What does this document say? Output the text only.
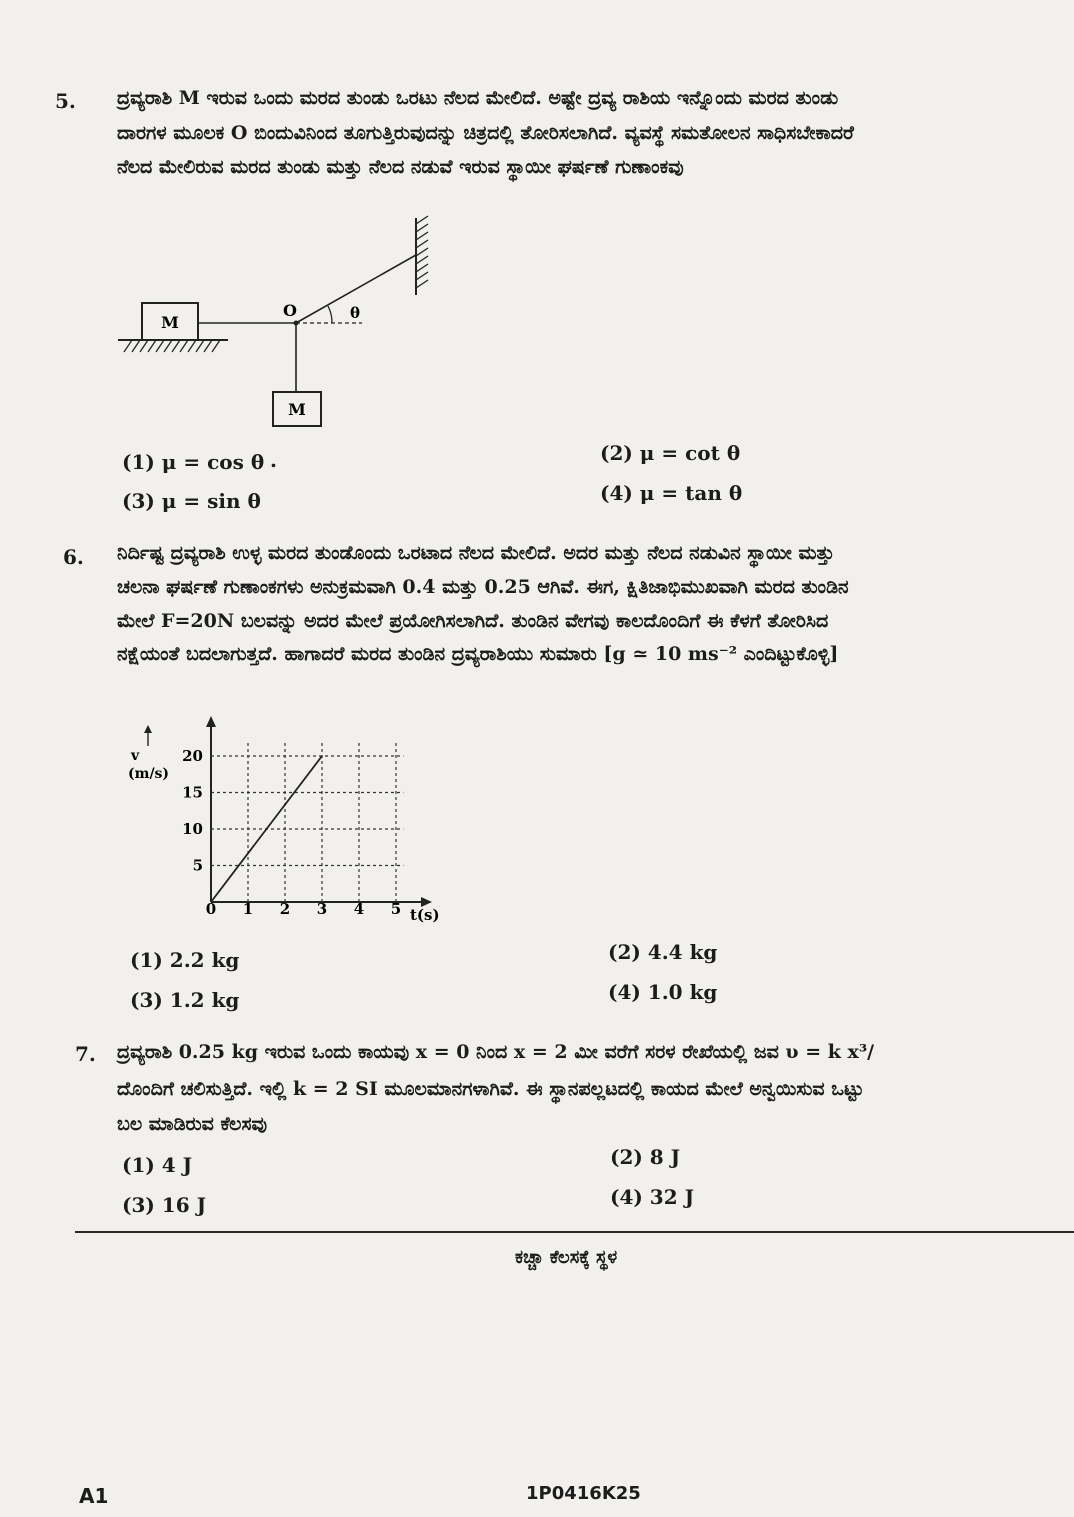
5. ದ್ರವ್ಯರಾಶಿ M ಇರುವ ಒಂದು ಮರದ ತುಂಡು ಒರಟು ನೆಲದ ಮೇಲಿದೆ. ಅಷ್ಟೇ ದ್ರವ್ಯ ರಾಶಿಯ ಇನ್ನೊಂದು ಮರದ ತುಂಡು
ದಾರಗಳ ಮೂಲಕ O ಬಿಂದುವಿನಿಂದ ತೂಗುತ್ತಿರುವುದನ್ನು ಚಿತ್ರದಲ್ಲಿ ತೋರಿಸಲಾಗಿದೆ. ವ್ಯವಸ್ಥೆ ಸಮತೋಲನ ಸಾಧಿಸಬೇಕಾದರೆ
ನೆಲದ ಮೇಲಿರುವ ಮರದ ತುಂಡು ಮತ್ತು ನೆಲದ ನಡುವೆ ಇರುವ ಸ್ಥಾಯೀ ಘರ್ಷಣೆ ಗುಣಾಂಕವು
M
O	θ
M
(1) μ = cos θ .	(2) μ = cot θ
(3) μ = sin θ	(4) μ = tan θ
6. ನಿರ್ದಿಷ್ಟ ದ್ರವ್ಯರಾಶಿ ಉಳ್ಳ ಮರದ ತುಂಡೊಂದು ಒರಟಾದ ನೆಲದ ಮೇಲಿದೆ. ಅದರ ಮತ್ತು ನೆಲದ ನಡುವಿನ ಸ್ಥಾಯೀ ಮತ್ತು
ಚಲನಾ ಘರ್ಷಣೆ ಗುಣಾಂಕಗಳು ಅನುಕ್ರಮವಾಗಿ 0.4 ಮತ್ತು 0.25 ಆಗಿವೆ. ಈಗ, ಕ್ಷಿತಿಜಾಭಿಮುಖವಾಗಿ ಮರದ ತುಂಡಿನ
ಮೇಲೆ F=20N ಬಲವನ್ನು ಅದರ ಮೇಲೆ ಪ್ರಯೋಗಿಸಲಾಗಿದೆ. ತುಂಡಿನ ವೇಗವು ಕಾಲದೊಂದಿಗೆ ಈ ಕೆಳಗೆ ತೋರಿಸಿದ
ನಕ್ಷೆಯಂತೆ ಬದಲಾಗುತ್ತದೆ. ಹಾಗಾದರೆ ಮರದ ತುಂಡಿನ ದ್ರವ್ಯರಾಶಿಯು ಸುಮಾರು [g ≃ 10 ms⁻² ಎಂದಿಟ್ಟುಕೊಳ್ಳಿ]
v
(m/s)
t(s)
0 1 2 3 4 5
5
10
15
20
(1) 2.2 kg	(2) 4.4 kg
(3) 1.2 kg	(4) 1.0 kg
7. ದ್ರವ್ಯರಾಶಿ 0.25 kg ಇರುವ ಒಂದು ಕಾಯವು x = 0 ನಿಂದ x = 2 ಮೀ ವರೆಗೆ ಸರಳ ರೇಖೆಯಲ್ಲಿ ಜವ υ = k x³/
ದೊಂದಿಗೆ ಚಲಿಸುತ್ತಿದೆ. ಇಲ್ಲಿ k = 2 SI ಮೂಲಮಾನಗಳಾಗಿವೆ. ಈ ಸ್ಥಾನಪಲ್ಲಟದಲ್ಲಿ ಕಾಯದ ಮೇಲೆ ಅನ್ವಯಿಸುವ ಒಟ್ಟು
ಬಲ ಮಾಡಿರುವ ಕೆಲಸವು
(1) 4 J	(2) 8 J
(3) 16 J	(4) 32 J
ಕಚ್ಚಾ ಕೆಲಸಕ್ಕೆ ಸ್ಥಳ
A1	1P0416K25
